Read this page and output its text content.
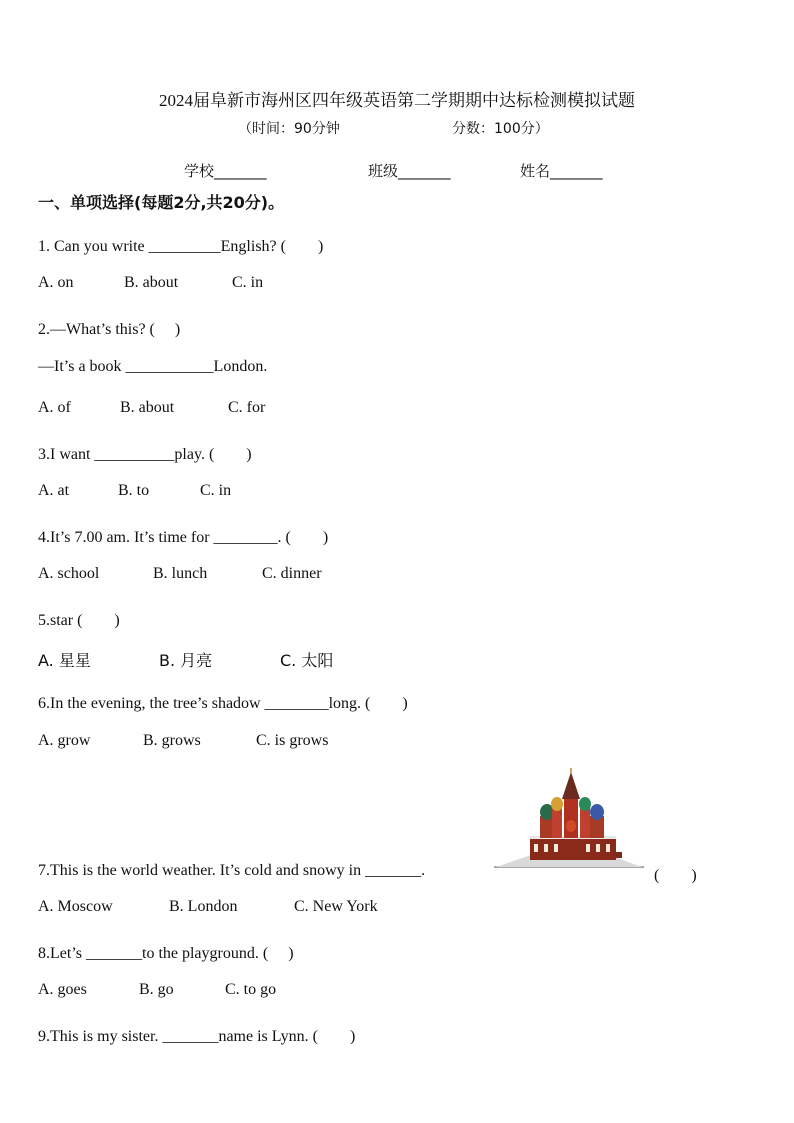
2024届阜新市海州区四年级英语第二学期期中达标检测模拟试题
（时间：90分钟	分数：100分）
学校_______	班级_______	姓名_______
一、单项选择(每题2分,共20分)。
1. Can you write _________English? (　　)
A. on	B. about	C. in
2.—What’s this? (　 )
—It’s a book ___________London.
A. of	B. about	C. for
3.I want __________play. (　　)
A. at	B. to	C. in
4.It’s 7.00 am. It’s time for ________. (　　)
A. school	B. lunch	C. dinner
5.star (　　)
A. 星星	B. 月亮	C. 太阳
6.In the evening, the tree’s shadow ________long. (　　)
A. grow	B. grows	C. is grows
7.This is the world weather. It’s cold and snowy in _______.	(　　)
A. Moscow	B. London	C. New York
8.Let’s _______to the playground. (　 )
A. goes	B. go	C. to go
9.This is my sister. _______name is Lynn. (　　)
